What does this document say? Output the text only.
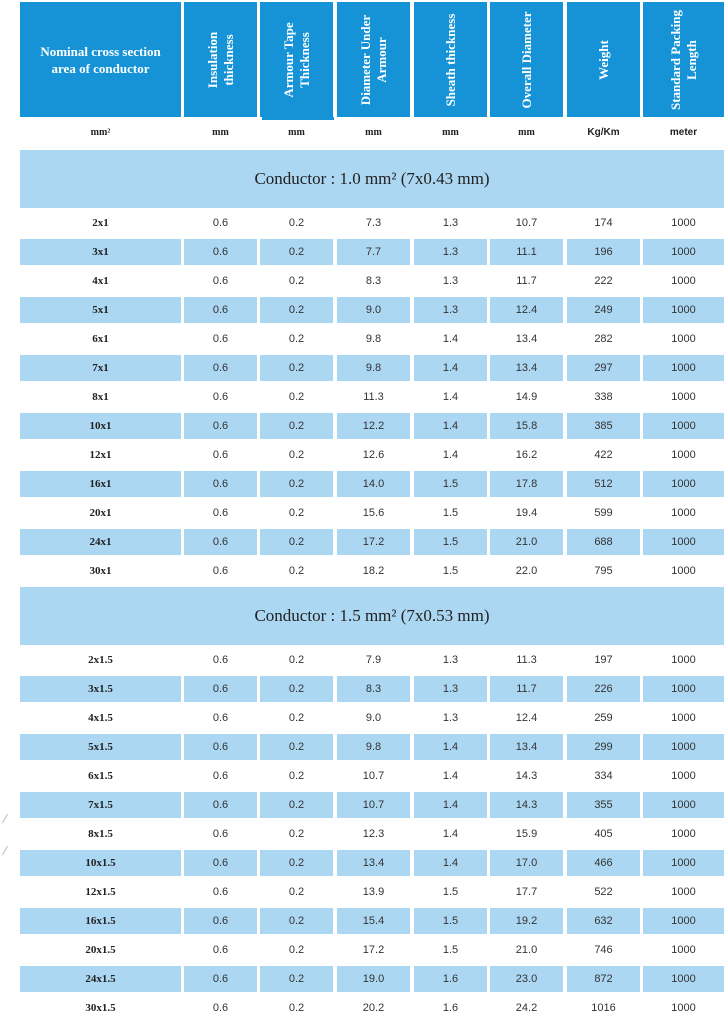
Nominal cross section area of conductor	Insulation thickness	Armour Tape Thickness	Diameter Under Armour	Sheath thickness	Overall Diameter	Weight	Standard Packing Length
mm²	mm	mm	mm	mm	mm	Kg/Km	meter
2x1	0.6	0.2	7.3	1.3	10.7	174	1000
3x1	0.6	0.2	7.7	1.3	11.1	196	1000
4x1	0.6	0.2	8.3	1.3	11.7	222	1000
5x1	0.6	0.2	9.0	1.3	12.4	249	1000
6x1	0.6	0.2	9.8	1.4	13.4	282	1000
7x1	0.6	0.2	9.8	1.4	13.4	297	1000
8x1	0.6	0.2	11.3	1.4	14.9	338	1000
10x1	0.6	0.2	12.2	1.4	15.8	385	1000
12x1	0.6	0.2	12.6	1.4	16.2	422	1000
16x1	0.6	0.2	14.0	1.5	17.8	512	1000
20x1	0.6	0.2	15.6	1.5	19.4	599	1000
24x1	0.6	0.2	17.2	1.5	21.0	688	1000
30x1	0.6	0.2	18.2	1.5	22.0	795	1000
2x1.5	0.6	0.2	7.9	1.3	11.3	197	1000
3x1.5	0.6	0.2	8.3	1.3	11.7	226	1000
4x1.5	0.6	0.2	9.0	1.3	12.4	259	1000
5x1.5	0.6	0.2	9.8	1.4	13.4	299	1000
6x1.5	0.6	0.2	10.7	1.4	14.3	334	1000
7x1.5	0.6	0.2	10.7	1.4	14.3	355	1000
8x1.5	0.6	0.2	12.3	1.4	15.9	405	1000
10x1.5	0.6	0.2	13.4	1.4	17.0	466	1000
12x1.5	0.6	0.2	13.9	1.5	17.7	522	1000
16x1.5	0.6	0.2	15.4	1.5	19.2	632	1000
20x1.5	0.6	0.2	17.2	1.5	21.0	746	1000
24x1.5	0.6	0.2	19.0	1.6	23.0	872	1000
30x1.5	0.6	0.2	20.2	1.6	24.2	1016	1000
Conductor : 1.0 mm² (7x0.43 mm)
Conductor : 1.5 mm² (7x0.53 mm)
